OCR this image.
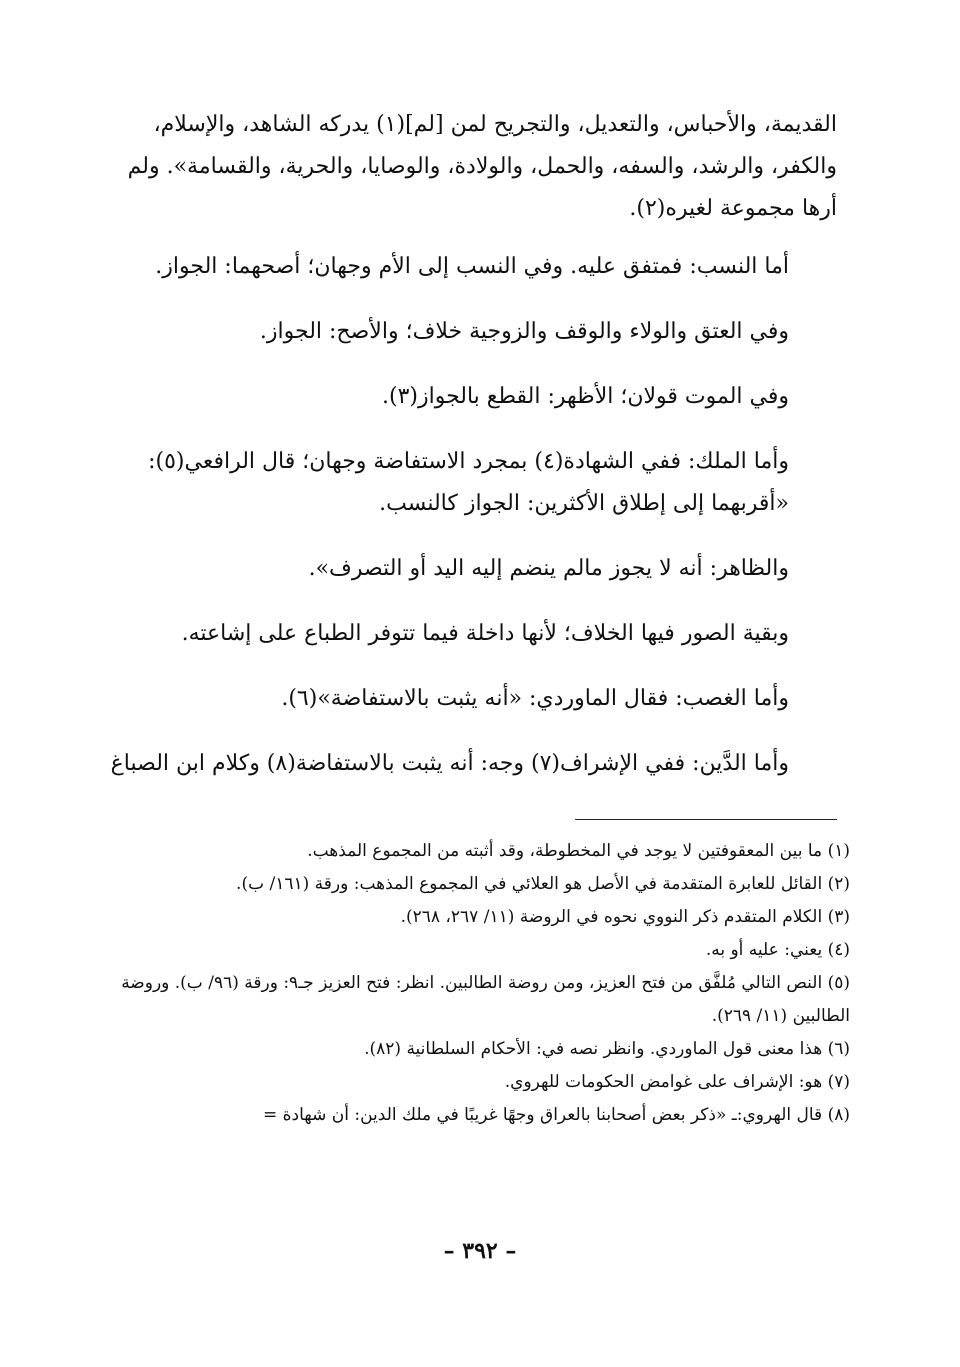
القديمة، والأحباس، والتعديل، والتجريح لمن [لم](١) يدركه الشاهد، والإسلام، والكفر، والرشد، والسفه، والحمل، والولادة، والوصايا، والحرية، والقسامة». ولم أرها مجموعة لغيره(٢).

أما النسب: فمتفق عليه. وفي النسب إلى الأم وجهان؛ أصحهما: الجواز.

وفي العتق والولاء والوقف والزوجية خلاف؛ والأصح: الجواز.

وفي الموت قولان؛ الأظهر: القطع بالجواز(٣).

وأما الملك: ففي الشهادة(٤) بمجرد الاستفاضة وجهان؛ قال الرافعي(٥): «أقربهما إلى إطلاق الأكثرين: الجواز كالنسب.

والظاهر: أنه لا يجوز مالم ينضم إليه اليد أو التصرف».

وبقية الصور فيها الخلاف؛ لأنها داخلة فيما تتوفر الطباع على إشاعته.

وأما الغصب: فقال الماوردي: «أنه يثبت بالاستفاضة»(٦).

وأما الدَّين: ففي الإشراف(٧) وجه: أنه يثبت بالاستفاضة(٨) وكلام ابن الصباغ

(١) ما بين المعقوفتين لا يوجد في المخطوطة، وقد أثبته من المجموع المذهب.

(٢) القائل للعابرة المتقدمة في الأصل هو العلائي في المجموع المذهب: ورقة (١٦١/ ب).

(٣) الكلام المتقدم ذكر النووي نحوه في الروضة (١١/ ٢٦٧، ٢٦٨).

(٤) يعني: عليه أو به.

(٥) النص التالي مُلفَّق من فتح العزيز، ومن روضة الطالبين. انظر: فتح العزيز جـ٩: ورقة (٩٦/ ب). وروضة الطالبين (١١/ ٢٦٩).

(٦) هذا معنى قول الماوردي. وانظر نصه في: الأحكام السلطانية (٨٢).

(٧) هو: الإشراف على غوامض الحكومات للهروي.

(٨) قال الهروي:ـ «ذكر بعض أصحابنا بالعراق وجهًا غريبًا في ملك الدين: أن شهادة =

– ٣٩٢ –
